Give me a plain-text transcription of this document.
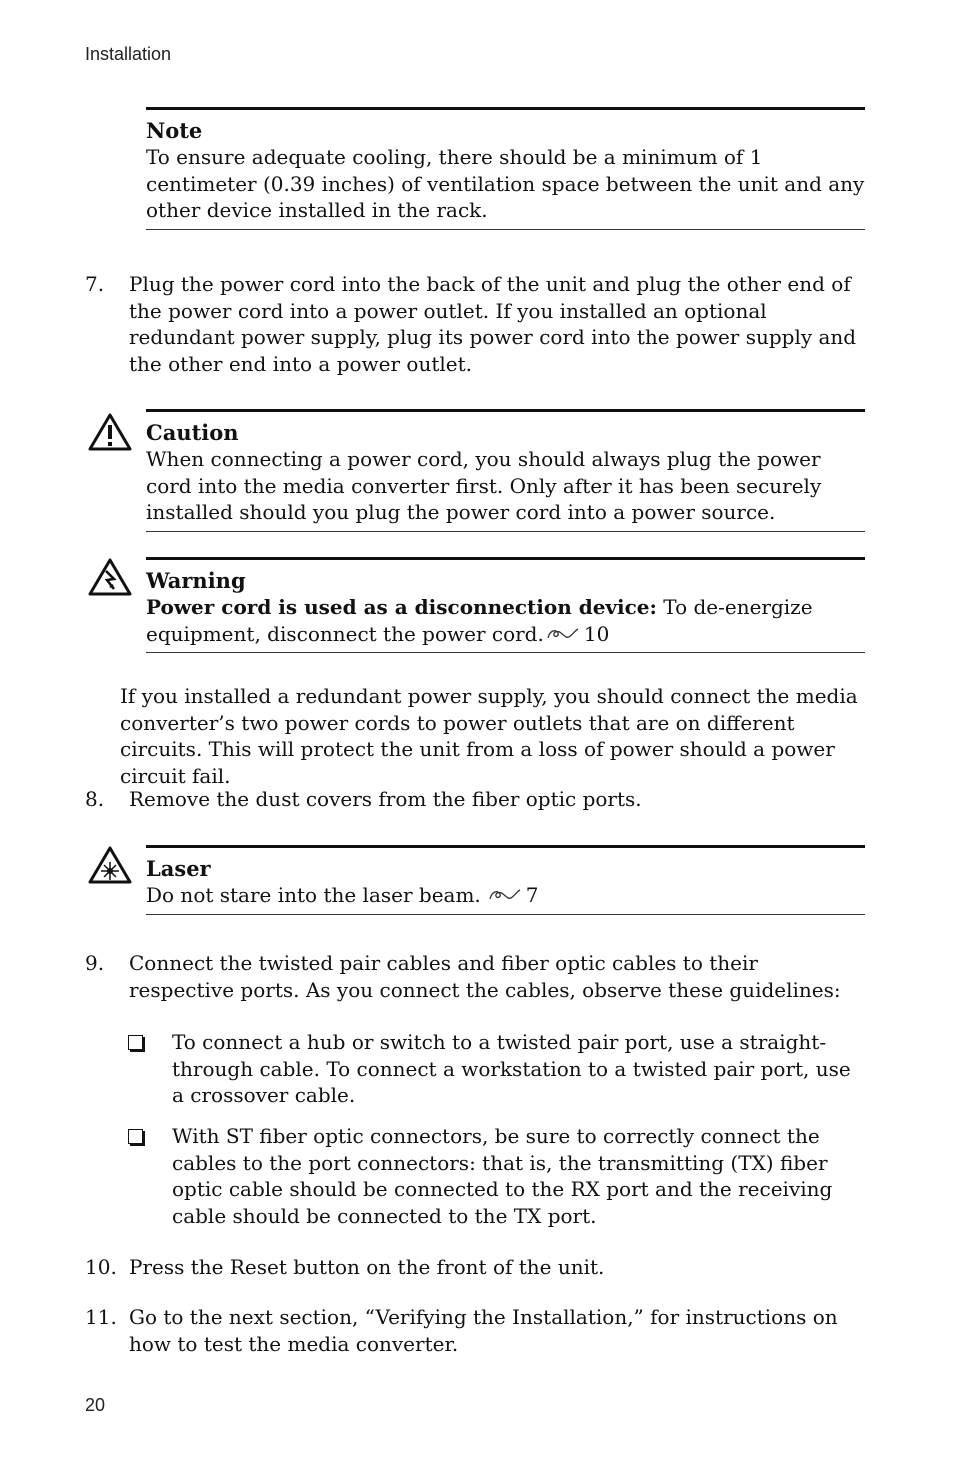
Installation
Note
To ensure adequate cooling, there should be a minimum of 1 centimeter (0.39 inches) of ventilation space between the unit and any other device installed in the rack.
7. Plug the power cord into the back of the unit and plug the other end of the power cord into a power outlet. If you installed an optional redundant power supply, plug its power cord into the power supply and the other end into a power outlet.
Caution
When connecting a power cord, you should always plug the power cord into the media converter first. Only after it has been securely installed should you plug the power cord into a power source.
Warning
Power cord is used as a disconnection device: To de-energize equipment, disconnect the power cord. 10
If you installed a redundant power supply, you should connect the media converter’s two power cords to power outlets that are on different circuits. This will protect the unit from a loss of power should a power circuit fail.
8. Remove the dust covers from the fiber optic ports.
Laser
Do not stare into the laser beam. 7
9. Connect the twisted pair cables and fiber optic cables to their respective ports. As you connect the cables, observe these guidelines:
To connect a hub or switch to a twisted pair port, use a straight-through cable. To connect a workstation to a twisted pair port, use a crossover cable.
With ST fiber optic connectors, be sure to correctly connect the cables to the port connectors: that is, the transmitting (TX) fiber optic cable should be connected to the RX port and the receiving cable should be connected to the TX port.
10. Press the Reset button on the front of the unit.
11. Go to the next section, “Verifying the Installation,” for instructions on how to test the media converter.
20
